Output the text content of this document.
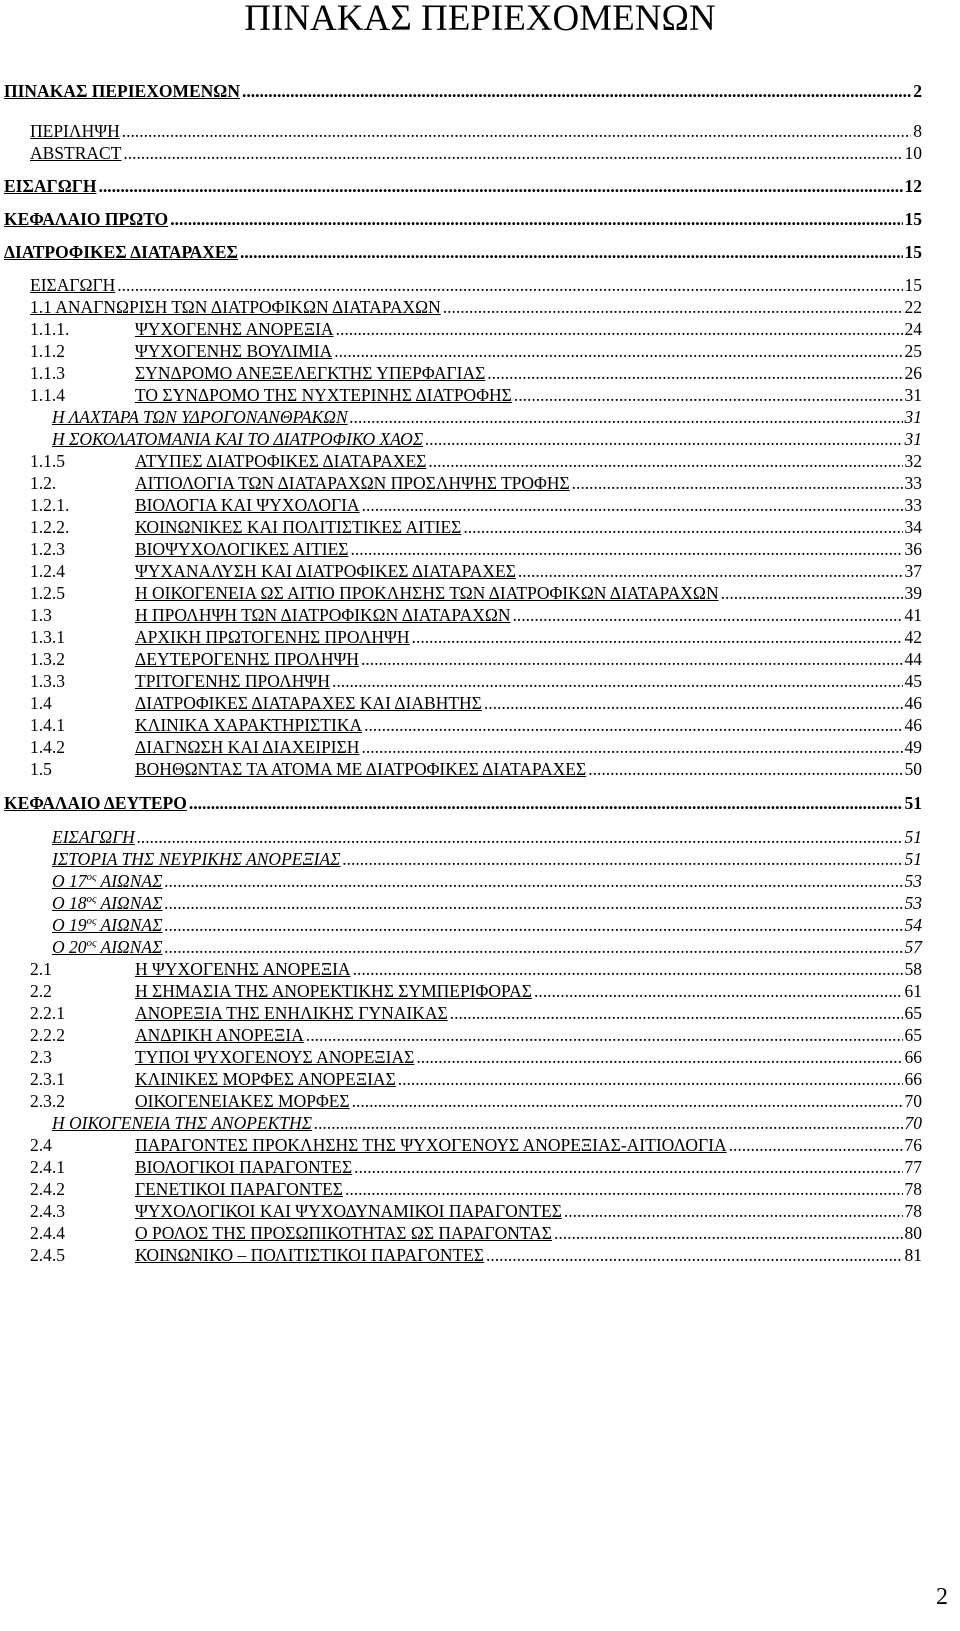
ΠΙΝΑΚΑΣ ΠΕΡΙΕΧΟΜΕΝΩΝ
ΠΙΝΑΚΑΣ ΠΕΡΙΕΧΟΜΕΝΩΝ .....	2
ΠΕΡΙΛΗΨΗ .....	8
ABSTRACT .....	10
ΕΙΣΑΓΩΓΗ .....	12
ΚΕΦΑΛΑΙΟ ΠΡΩΤΟ .....	15
ΔΙΑΤΡΟΦΙΚΕΣ ΔΙΑΤΑΡΑΧΕΣ .....	15
ΕΙΣΑΓΩΓΗ .....	15
1.1 ΑΝΑΓΝΩΡΙΣΗ ΤΩΝ ΔΙΑΤΡΟΦΙΚΩΝ ΔΙΑΤΑΡΑΧΩΝ .....	22
1.1.1.	ΨΥΧΟΓΕΝΗΣ ΑΝΟΡΕΞΙΑ .....	24
1.1.2	ΨΥΧΟΓΕΝΗΣ ΒΟΥΛΙΜΙΑ .....	25
1.1.3	ΣΥΝΔΡΟΜΟ ΑΝΕΞΕΛΕΓΚΤΗΣ ΥΠΕΡΦΑΓΙΑΣ .....	26
1.1.4	ΤΟ ΣΥΝΔΡΟΜΟ ΤΗΣ ΝΥΧΤΕΡΙΝΗΣ ΔΙΑΤΡΟΦΗΣ .....	31
Η ΛΑΧΤΑΡΑ ΤΩΝ ΥΔΡΟΓΟΝΑΝΘΡΑΚΩΝ .....	31
Η ΣΟΚΟΛΑΤΟΜΑΝΙΑ ΚΑΙ ΤΟ ΔΙΑΤΡΟΦΙΚΟ ΧΑΟΣ .....	31
1.1.5	ΑΤΥΠΕΣ ΔΙΑΤΡΟΦΙΚΕΣ ΔΙΑΤΑΡΑΧΕΣ .....	32
1.2.	ΑΙΤΙΟΛΟΓΙΑ ΤΩΝ ΔΙΑΤΑΡΑΧΩΝ ΠΡΟΣΛΗΨΗΣ ΤΡΟΦΗΣ .....	33
1.2.1.	ΒΙΟΛΟΓΙΑ ΚΑΙ ΨΥΧΟΛΟΓΙΑ .....	33
1.2.2.	ΚΟΙΝΩΝΙΚΕΣ ΚΑΙ ΠΟΛΙΤΙΣΤΙΚΕΣ ΑΙΤΙΕΣ .....	34
1.2.3	ΒΙΟΨΥΧΟΛΟΓΙΚΕΣ ΑΙΤΙΕΣ .....	36
1.2.4	ΨΥΧΑΝΑΛΥΣΗ ΚΑΙ ΔΙΑΤΡΟΦΙΚΕΣ ΔΙΑΤΑΡΑΧΕΣ .....	37
1.2.5	Η ΟΙΚΟΓΕΝΕΙΑ ΩΣ ΑΙΤΙΟ ΠΡΟΚΛΗΣΗΣ ΤΩΝ ΔΙΑΤΡΟΦΙΚΩΝ ΔΙΑΤΑΡΑΧΩΝ .....	39
1.3	Η ΠΡΟΛΗΨΗ ΤΩΝ ΔΙΑΤΡΟΦΙΚΩΝ ΔΙΑΤΑΡΑΧΩΝ .....	41
1.3.1	ΑΡΧΙΚΗ ΠΡΩΤΟΓΕΝΗΣ ΠΡΟΛΗΨΗ .....	42
1.3.2	ΔΕΥΤΕΡΟΓΕΝΗΣ ΠΡΟΛΗΨΗ .....	44
1.3.3	ΤΡΙΤΟΓΕΝΗΣ ΠΡΟΛΗΨΗ .....	45
1.4	ΔΙΑΤΡΟΦΙΚΕΣ ΔΙΑΤΑΡΑΧΕΣ ΚΑΙ ΔΙΑΒΗΤΗΣ .....	46
1.4.1	ΚΛΙΝΙΚΑ ΧΑΡΑΚΤΗΡΙΣΤΙΚΑ .....	46
1.4.2	ΔΙΑΓΝΩΣΗ ΚΑΙ ΔΙΑΧΕΙΡΙΣΗ .....	49
1.5	ΒΟΗΘΩΝΤΑΣ ΤΑ ΑΤΟΜΑ ΜΕ ΔΙΑΤΡΟΦΙΚΕΣ ΔΙΑΤΑΡΑΧΕΣ .....	50
ΚΕΦΑΛΑΙΟ ΔΕΥΤΕΡΟ .....	51
ΕΙΣΑΓΩΓΗ .....	51
ΙΣΤΟΡΙΑ ΤΗΣ ΝΕΥΡΙΚΗΣ ΑΝΟΡΕΞΙΑΣ .....	51
Ο $17^{o\varsigma}$ ΑΙΩΝΑΣ .....	53
Ο $18^{o\varsigma}$ ΑΙΩΝΑΣ .....	53
Ο $19^{o\varsigma}$ ΑΙΩΝΑΣ .....	54
Ο $20^{o\varsigma}$ ΑΙΩΝΑΣ .....	57
2.1	Η ΨΥΧΟΓΕΝΗΣ ΑΝΟΡΕΞΙΑ .....	58
2.2	Η ΣΗΜΑΣΙΑ ΤΗΣ ΑΝΟΡΕΚΤΙΚΗΣ ΣΥΜΠΕΡΙΦΟΡΑΣ .....	61
2.2.1	ΑΝΟΡΕΞΙΑ ΤΗΣ ΕΝΗΛΙΚΗΣ ΓΥΝΑΙΚΑΣ .....	65
2.2.2	ΑΝΔΡΙΚΗ ΑΝΟΡΕΞΙΑ .....	65
2.3	ΤΥΠΟΙ ΨΥΧΟΓΕΝΟΥΣ ΑΝΟΡΕΞΙΑΣ .....	66
2.3.1	ΚΛΙΝΙΚΕΣ ΜΟΡΦΕΣ ΑΝΟΡΕΞΙΑΣ .....	66
2.3.2	ΟΙΚΟΓΕΝΕΙΑΚΕΣ ΜΟΡΦΕΣ .....	70
Η ΟΙΚΟΓΕΝΕΙΑ ΤΗΣ ΑΝΟΡΕΚΤΗΣ .....	70
2.4	ΠΑΡΑΓΟΝΤΕΣ ΠΡΟΚΛΗΣΗΣ ΤΗΣ ΨΥΧΟΓΕΝΟΥΣ ΑΝΟΡΕΞΙΑΣ-ΑΙΤΙΟΛΟΓΙΑ .....	76
2.4.1	ΒΙΟΛΟΓΙΚΟΙ ΠΑΡΑΓΟΝΤΕΣ .....	77
2.4.2	ΓΕΝΕΤΙΚΟΙ ΠΑΡΑΓΟΝΤΕΣ .....	78
2.4.3	ΨΥΧΟΛΟΓΙΚΟΙ ΚΑΙ ΨΥΧΟΔΥΝΑΜΙΚΟΙ ΠΑΡΑΓΟΝΤΕΣ .....	78
2.4.4	Ο ΡΟΛΟΣ ΤΗΣ ΠΡΟΣΩΠΙΚΟΤΗΤΑΣ ΩΣ ΠΑΡΑΓΟΝΤΑΣ .....	80
2.4.5	ΚΟΙΝΩΝΙΚΟ – ΠΟΛΙΤΙΣΤΙΚΟΙ ΠΑΡΑΓΟΝΤΕΣ .....	81
2
